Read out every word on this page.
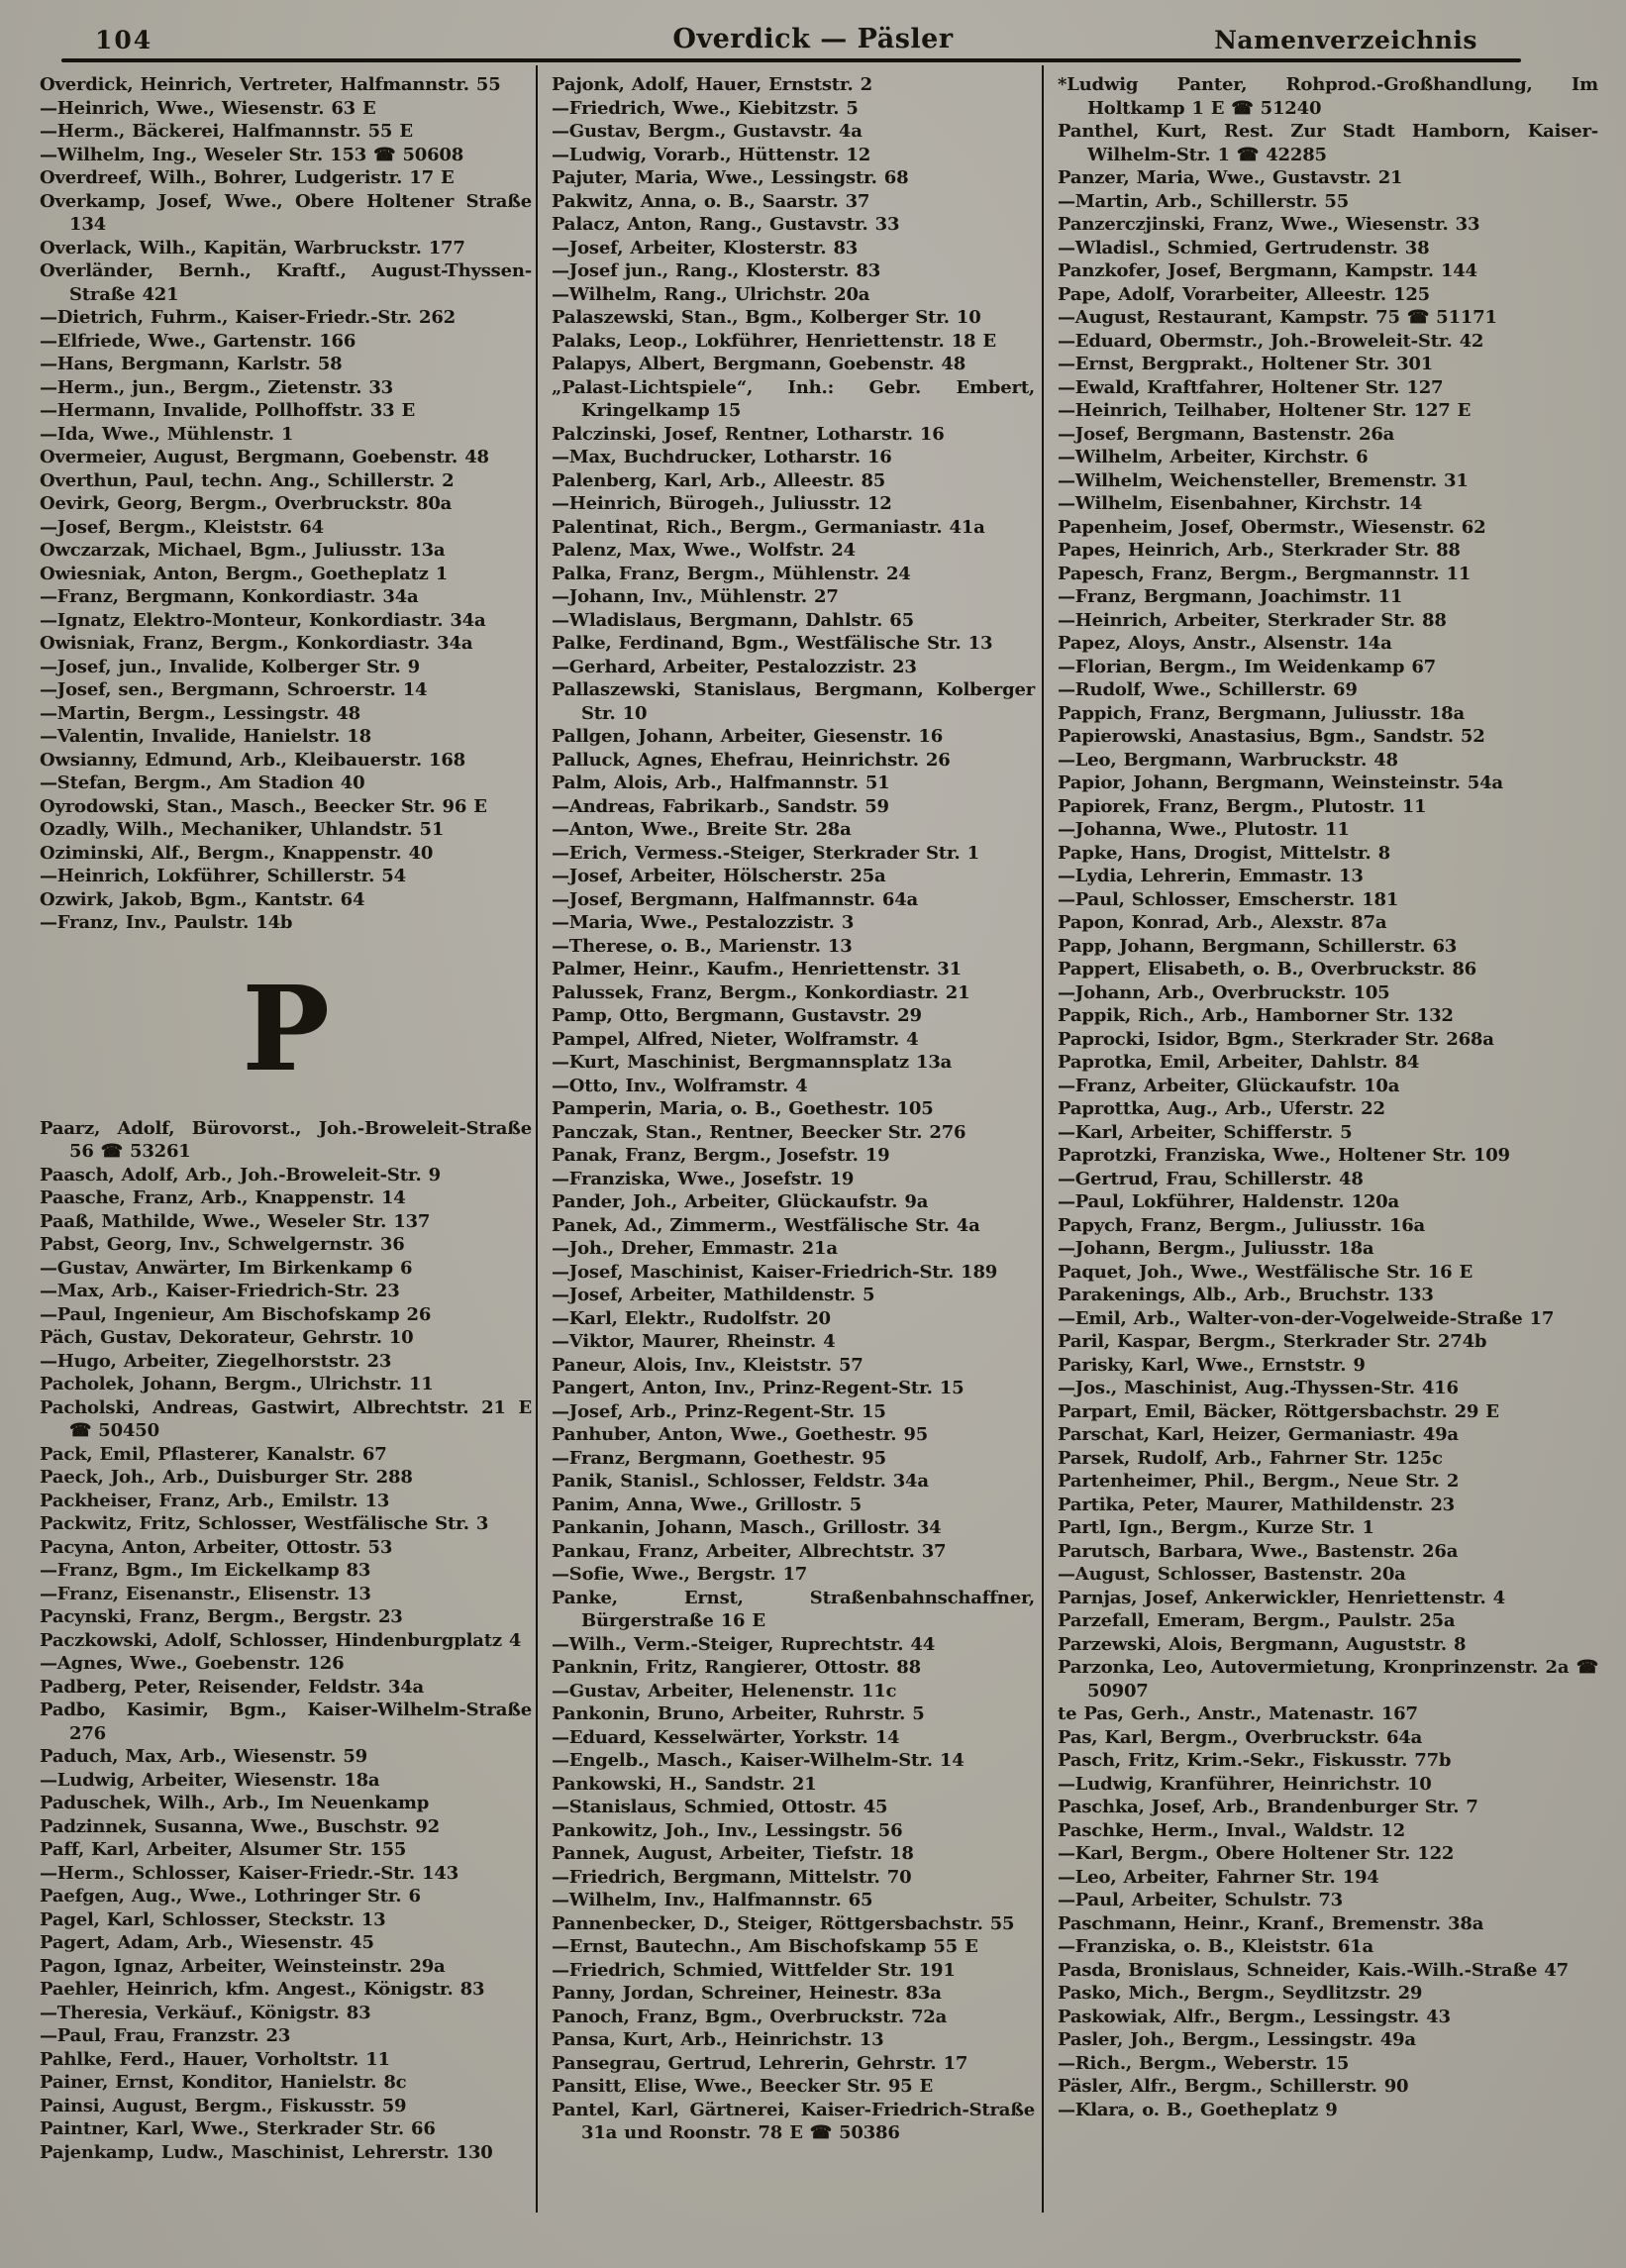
104	Overdick — Päsler	Namenverzeichnis
Overdick, Heinrich, Vertreter, Halfmannstr. 55
—Heinrich, Wwe., Wiesenstr. 63 E
—Herm., Bäckerei, Halfmannstr. 55 E
—Wilhelm, Ing., Weseler Str. 153 ☎ 50608
Overdreef, Wilh., Bohrer, Ludgeristr. 17 E
Overkamp, Josef, Wwe., Obere Holtener Straße 134
Overlack, Wilh., Kapitän, Warbruckstr. 177
Overländer, Bernh., Kraftf., August-Thyssen-Straße 421
—Dietrich, Fuhrm., Kaiser-Friedr.-Str. 262
—Elfriede, Wwe., Gartenstr. 166
—Hans, Bergmann, Karlstr. 58
—Herm., jun., Bergm., Zietenstr. 33
—Hermann, Invalide, Pollhoffstr. 33 E
—Ida, Wwe., Mühlenstr. 1
Overmeier, August, Bergmann, Goebenstr. 48
Overthun, Paul, techn. Ang., Schillerstr. 2
Oevirk, Georg, Bergm., Overbruckstr. 80a
—Josef, Bergm., Kleiststr. 64
Owczarzak, Michael, Bgm., Juliusstr. 13a
Owiesniak, Anton, Bergm., Goetheplatz 1
—Franz, Bergmann, Konkordiastr. 34a
—Ignatz, Elektro-Monteur, Konkordiastr. 34a
Owisniak, Franz, Bergm., Konkordiastr. 34a
—Josef, jun., Invalide, Kolberger Str. 9
—Josef, sen., Bergmann, Schroerstr. 14
—Martin, Bergm., Lessingstr. 48
—Valentin, Invalide, Hanielstr. 18
Owsianny, Edmund, Arb., Kleibauerstr. 168
—Stefan, Bergm., Am Stadion 40
Oyrodowski, Stan., Masch., Beecker Str. 96 E
Ozadly, Wilh., Mechaniker, Uhlandstr. 51
Oziminski, Alf., Bergm., Knappenstr. 40
—Heinrich, Lokführer, Schillerstr. 54
Ozwirk, Jakob, Bgm., Kantstr. 64
—Franz, Inv., Paulstr. 14b
P
Paarz, Adolf, Bürovorst., Joh.-Broweleit-Straße 56 ☎ 53261
Paasch, Adolf, Arb., Joh.-Broweleit-Str. 9
Paasche, Franz, Arb., Knappenstr. 14
Paaß, Mathilde, Wwe., Weseler Str. 137
Pabst, Georg, Inv., Schwelgernstr. 36
—Gustav, Anwärter, Im Birkenkamp 6
—Max, Arb., Kaiser-Friedrich-Str. 23
—Paul, Ingenieur, Am Bischofskamp 26
Päch, Gustav, Dekorateur, Gehrstr. 10
—Hugo, Arbeiter, Ziegelhorststr. 23
Pacholek, Johann, Bergm., Ulrichstr. 11
Pacholski, Andreas, Gastwirt, Albrechtstr. 21 E ☎ 50450
Pack, Emil, Pflasterer, Kanalstr. 67
Paeck, Joh., Arb., Duisburger Str. 288
Packheiser, Franz, Arb., Emilstr. 13
Packwitz, Fritz, Schlosser, Westfälische Str. 3
Pacyna, Anton, Arbeiter, Ottostr. 53
—Franz, Bgm., Im Eickelkamp 83
—Franz, Eisenanstr., Elisenstr. 13
Pacynski, Franz, Bergm., Bergstr. 23
Paczkowski, Adolf, Schlosser, Hindenburgplatz 4
—Agnes, Wwe., Goebenstr. 126
Padberg, Peter, Reisender, Feldstr. 34a
Padbo, Kasimir, Bgm., Kaiser-Wilhelm-Straße 276
Paduch, Max, Arb., Wiesenstr. 59
—Ludwig, Arbeiter, Wiesenstr. 18a
Paduschek, Wilh., Arb., Im Neuenkamp
Padzinnek, Susanna, Wwe., Buschstr. 92
Paff, Karl, Arbeiter, Alsumer Str. 155
—Herm., Schlosser, Kaiser-Friedr.-Str. 143
Paefgen, Aug., Wwe., Lothringer Str. 6
Pagel, Karl, Schlosser, Steckstr. 13
Pagert, Adam, Arb., Wiesenstr. 45
Pagon, Ignaz, Arbeiter, Weinsteinstr. 29a
Paehler, Heinrich, kfm. Angest., Königstr. 83
—Theresia, Verkäuf., Königstr. 83
—Paul, Frau, Franzstr. 23
Pahlke, Ferd., Hauer, Vorholtstr. 11
Painer, Ernst, Konditor, Hanielstr. 8c
Painsi, August, Bergm., Fiskusstr. 59
Paintner, Karl, Wwe., Sterkrader Str. 66
Pajenkamp, Ludw., Maschinist, Lehrerstr. 130
Pajonk, Adolf, Hauer, Ernststr. 2
—Friedrich, Wwe., Kiebitzstr. 5
—Gustav, Bergm., Gustavstr. 4a
—Ludwig, Vorarb., Hüttenstr. 12
Pajuter, Maria, Wwe., Lessingstr. 68
Pakwitz, Anna, o. B., Saarstr. 37
Palacz, Anton, Rang., Gustavstr. 33
—Josef, Arbeiter, Klosterstr. 83
—Josef jun., Rang., Klosterstr. 83
—Wilhelm, Rang., Ulrichstr. 20a
Palaszewski, Stan., Bgm., Kolberger Str. 10
Palaks, Leop., Lokführer, Henriettenstr. 18 E
Palapys, Albert, Bergmann, Goebenstr. 48
„Palast-Lichtspiele“, Inh.: Gebr. Embert, Kringelkamp 15
Palczinski, Josef, Rentner, Lotharstr. 16
—Max, Buchdrucker, Lotharstr. 16
Palenberg, Karl, Arb., Alleestr. 85
—Heinrich, Bürogeh., Juliusstr. 12
Palentinat, Rich., Bergm., Germaniastr. 41a
Palenz, Max, Wwe., Wolfstr. 24
Palka, Franz, Bergm., Mühlenstr. 24
—Johann, Inv., Mühlenstr. 27
—Wladislaus, Bergmann, Dahlstr. 65
Palke, Ferdinand, Bgm., Westfälische Str. 13
—Gerhard, Arbeiter, Pestalozzistr. 23
Pallaszewski, Stanislaus, Bergmann, Kolberger Str. 10
Pallgen, Johann, Arbeiter, Giesenstr. 16
Palluck, Agnes, Ehefrau, Heinrichstr. 26
Palm, Alois, Arb., Halfmannstr. 51
—Andreas, Fabrikarb., Sandstr. 59
—Anton, Wwe., Breite Str. 28a
—Erich, Vermess.-Steiger, Sterkrader Str. 1
—Josef, Arbeiter, Hölscherstr. 25a
—Josef, Bergmann, Halfmannstr. 64a
—Maria, Wwe., Pestalozzistr. 3
—Therese, o. B., Marienstr. 13
Palmer, Heinr., Kaufm., Henriettenstr. 31
Palussek, Franz, Bergm., Konkordiastr. 21
Pamp, Otto, Bergmann, Gustavstr. 29
Pampel, Alfred, Nieter, Wolframstr. 4
—Kurt, Maschinist, Bergmannsplatz 13a
—Otto, Inv., Wolframstr. 4
Pamperin, Maria, o. B., Goethestr. 105
Panczak, Stan., Rentner, Beecker Str. 276
Panak, Franz, Bergm., Josefstr. 19
—Franziska, Wwe., Josefstr. 19
Pander, Joh., Arbeiter, Glückaufstr. 9a
Panek, Ad., Zimmerm., Westfälische Str. 4a
—Joh., Dreher, Emmastr. 21a
—Josef, Maschinist, Kaiser-Friedrich-Str. 189
—Josef, Arbeiter, Mathildenstr. 5
—Karl, Elektr., Rudolfstr. 20
—Viktor, Maurer, Rheinstr. 4
Paneur, Alois, Inv., Kleiststr. 57
Pangert, Anton, Inv., Prinz-Regent-Str. 15
—Josef, Arb., Prinz-Regent-Str. 15
Panhuber, Anton, Wwe., Goethestr. 95
—Franz, Bergmann, Goethestr. 95
Panik, Stanisl., Schlosser, Feldstr. 34a
Panim, Anna, Wwe., Grillostr. 5
Pankanin, Johann, Masch., Grillostr. 34
Pankau, Franz, Arbeiter, Albrechtstr. 37
—Sofie, Wwe., Bergstr. 17
Panke, Ernst, Straßenbahnschaffner, Bürgerstraße 16 E
—Wilh., Verm.-Steiger, Ruprechtstr. 44
Panknin, Fritz, Rangierer, Ottostr. 88
—Gustav, Arbeiter, Helenenstr. 11c
Pankonin, Bruno, Arbeiter, Ruhrstr. 5
—Eduard, Kesselwärter, Yorkstr. 14
—Engelb., Masch., Kaiser-Wilhelm-Str. 14
Pankowski, H., Sandstr. 21
—Stanislaus, Schmied, Ottostr. 45
Pankowitz, Joh., Inv., Lessingstr. 56
Pannek, August, Arbeiter, Tiefstr. 18
—Friedrich, Bergmann, Mittelstr. 70
—Wilhelm, Inv., Halfmannstr. 65
Pannenbecker, D., Steiger, Röttgersbachstr. 55
—Ernst, Bautechn., Am Bischofskamp 55 E
—Friedrich, Schmied, Wittfelder Str. 191
Panny, Jordan, Schreiner, Heinestr. 83a
Panoch, Franz, Bgm., Overbruckstr. 72a
Pansa, Kurt, Arb., Heinrichstr. 13
Pansegrau, Gertrud, Lehrerin, Gehrstr. 17
Pansitt, Elise, Wwe., Beecker Str. 95 E
Pantel, Karl, Gärtnerei, Kaiser-Friedrich-Straße 31a und Roonstr. 78 E ☎ 50386
*Ludwig Panter, Rohprod.-Großhandlung, Im Holtkamp 1 E ☎ 51240
Panthel, Kurt, Rest. Zur Stadt Hamborn, Kaiser-Wilhelm-Str. 1 ☎ 42285
Panzer, Maria, Wwe., Gustavstr. 21
—Martin, Arb., Schillerstr. 55
Panzerczjinski, Franz, Wwe., Wiesenstr. 33
—Wladisl., Schmied, Gertrudenstr. 38
Panzkofer, Josef, Bergmann, Kampstr. 144
Pape, Adolf, Vorarbeiter, Alleestr. 125
—August, Restaurant, Kampstr. 75 ☎ 51171
—Eduard, Obermstr., Joh.-Broweleit-Str. 42
—Ernst, Bergprakt., Holtener Str. 301
—Ewald, Kraftfahrer, Holtener Str. 127
—Heinrich, Teilhaber, Holtener Str. 127 E
—Josef, Bergmann, Bastenstr. 26a
—Wilhelm, Arbeiter, Kirchstr. 6
—Wilhelm, Weichensteller, Bremenstr. 31
—Wilhelm, Eisenbahner, Kirchstr. 14
Papenheim, Josef, Obermstr., Wiesenstr. 62
Papes, Heinrich, Arb., Sterkrader Str. 88
Papesch, Franz, Bergm., Bergmannstr. 11
—Franz, Bergmann, Joachimstr. 11
—Heinrich, Arbeiter, Sterkrader Str. 88
Papez, Aloys, Anstr., Alsenstr. 14a
—Florian, Bergm., Im Weidenkamp 67
—Rudolf, Wwe., Schillerstr. 69
Pappich, Franz, Bergmann, Juliusstr. 18a
Papierowski, Anastasius, Bgm., Sandstr. 52
—Leo, Bergmann, Warbruckstr. 48
Papior, Johann, Bergmann, Weinsteinstr. 54a
Papiorek, Franz, Bergm., Plutostr. 11
—Johanna, Wwe., Plutostr. 11
Papke, Hans, Drogist, Mittelstr. 8
—Lydia, Lehrerin, Emmastr. 13
—Paul, Schlosser, Emscherstr. 181
Papon, Konrad, Arb., Alexstr. 87a
Papp, Johann, Bergmann, Schillerstr. 63
Pappert, Elisabeth, o. B., Overbruckstr. 86
—Johann, Arb., Overbruckstr. 105
Pappik, Rich., Arb., Hamborner Str. 132
Paprocki, Isidor, Bgm., Sterkrader Str. 268a
Paprotka, Emil, Arbeiter, Dahlstr. 84
—Franz, Arbeiter, Glückaufstr. 10a
Paprottka, Aug., Arb., Uferstr. 22
—Karl, Arbeiter, Schifferstr. 5
Paprotzki, Franziska, Wwe., Holtener Str. 109
—Gertrud, Frau, Schillerstr. 48
—Paul, Lokführer, Haldenstr. 120a
Papych, Franz, Bergm., Juliusstr. 16a
—Johann, Bergm., Juliusstr. 18a
Paquet, Joh., Wwe., Westfälische Str. 16 E
Parakenings, Alb., Arb., Bruchstr. 133
—Emil, Arb., Walter-von-der-Vogelweide-Straße 17
Paril, Kaspar, Bergm., Sterkrader Str. 274b
Parisky, Karl, Wwe., Ernststr. 9
—Jos., Maschinist, Aug.-Thyssen-Str. 416
Parpart, Emil, Bäcker, Röttgersbachstr. 29 E
Parschat, Karl, Heizer, Germaniastr. 49a
Parsek, Rudolf, Arb., Fahrner Str. 125c
Partenheimer, Phil., Bergm., Neue Str. 2
Partika, Peter, Maurer, Mathildenstr. 23
Partl, Ign., Bergm., Kurze Str. 1
Parutsch, Barbara, Wwe., Bastenstr. 26a
—August, Schlosser, Bastenstr. 20a
Parnjas, Josef, Ankerwickler, Henriettenstr. 4
Parzefall, Emeram, Bergm., Paulstr. 25a
Parzewski, Alois, Bergmann, Auguststr. 8
Parzonka, Leo, Autovermietung, Kronprinzenstr. 2a ☎ 50907
te Pas, Gerh., Anstr., Matenastr. 167
Pas, Karl, Bergm., Overbruckstr. 64a
Pasch, Fritz, Krim.-Sekr., Fiskusstr. 77b
—Ludwig, Kranführer, Heinrichstr. 10
Paschka, Josef, Arb., Brandenburger Str. 7
Paschke, Herm., Inval., Waldstr. 12
—Karl, Bergm., Obere Holtener Str. 122
—Leo, Arbeiter, Fahrner Str. 194
—Paul, Arbeiter, Schulstr. 73
Paschmann, Heinr., Kranf., Bremenstr. 38a
—Franziska, o. B., Kleiststr. 61a
Pasda, Bronislaus, Schneider, Kais.-Wilh.-Straße 47
Pasko, Mich., Bergm., Seydlitzstr. 29
Paskowiak, Alfr., Bergm., Lessingstr. 43
Pasler, Joh., Bergm., Lessingstr. 49a
—Rich., Bergm., Weberstr. 15
Päsler, Alfr., Bergm., Schillerstr. 90
—Klara, o. B., Goetheplatz 9
